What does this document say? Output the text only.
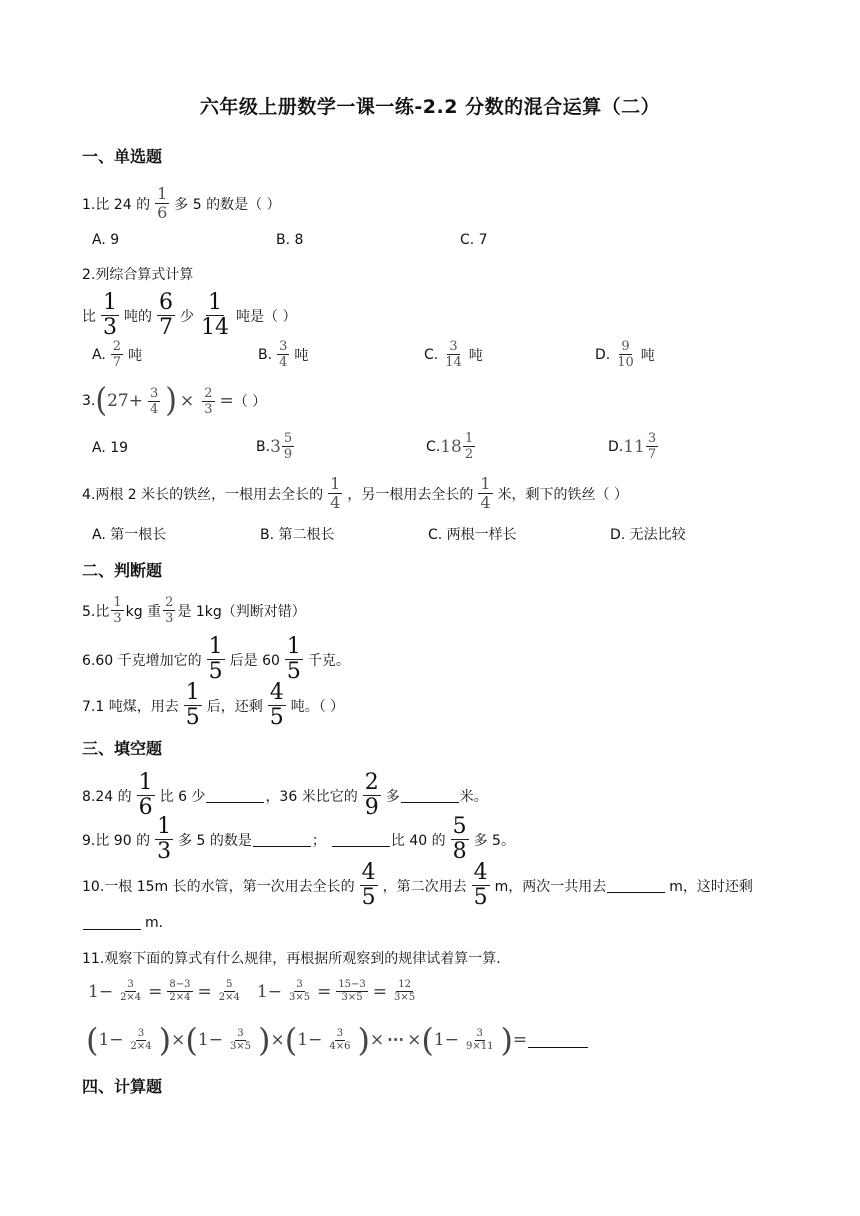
六年级上册数学一课一练-2.2 分数的混合运算（二）
一、单选题
1.比 24 的
1
6 多 5 的数是（ ）
A. 9	B. 8	C. 7
2.列综合算式计算
比
1
3 吨的
6
7 少
1
14 吨是（ ）
A. 2
7 吨	B. 3
4 吨	C. 3
14 吨	D. 9
10 吨
3. ( $27+ \frac{3}{4}$ ) × $\frac{2}{3}$ = （ ）
A. 19	B. 3 5
9	C. 18 1
2	D. 11 3
7
4.两根 2 米长的铁丝，一根用去全长的
1
4 ，另一根用去全长的
1
4 米，剩下的铁丝（ ）
A. 第一根长	B. 第二根长	C. 两根一样长	D. 无法比较
二、判断题
5.比
1
3 kg 重
2
3 是 1kg（判断对错）
6.60 千克增加它的
1
5 后是 60
1
5 千克。
7.1 吨煤，用去
1
5 后，还剩
4
5 吨。（ ）
三、填空题
8.24 的
1
6 比 6 少	，36 米比它的
2
9 多	米。
9.比 90 的
1
3 多 5 的数是	；	比 40 的
5
8 多 5。
10.一根 15m 长的水管，第一次用去全长的
4
5 ，第二次用去
4
5 m，两次一共用去	m，这时还剩
m．
11.观察下面的算式有什么规律，再根据所观察到的规律试着算一算.
$1- \frac{3}{2\times 4} = \frac{8-3}{2\times 4} = \frac{5}{2\times 4} 1- \frac{3}{3\times 5} = \frac{15-3}{3\times 5} = \frac{12}{3\times 5}$
( $1- \frac{3}{2\times 4}$ ) × ( $1- \frac{3}{3\times 5}$ ) × ( $1- \frac{3}{4\times 6}$ ) × ⋯ × ( $1- \frac{3}{9\times 11}$ ) =
四、计算题
